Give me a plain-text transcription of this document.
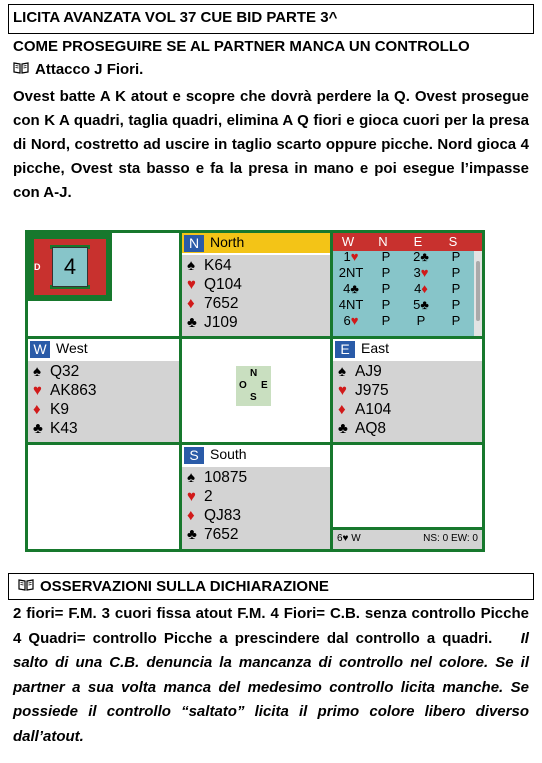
LICITA AVANZATA VOL 37 CUE BID PARTE 3^
COME PROSEGUIRE SE AL PARTNER MANCA UN CONTROLLO
Attacco J Fiori.
Ovest batte A K atout e scopre che dovrà perdere la Q. Ovest prosegue con K A quadri, taglia quadri, elimina A Q fiori e gioca cuori per la presa di Nord, costretto ad uscire in taglio scarto oppure picche. Nord gioca 4 picche, Ovest sta basso e fa la presa in mano e poi esegue l’impasse con A-J.
4
D
N North
♠ K64
♥ Q104
♦ 7652
♣ J109
W	N	E	S
1♥	P	2♣	P
2NT	P	3♥	P
4♣	P	4♦	P
4NT	P	5♣	P
6♥	P	P	P
W West
♠ Q32
♥ AK863
♦ K9
♣ K43
N
O E
S
E East
♠ AJ9
♥ J975
♦ A104
♣ AQ8
S South
♠ 10875
♥ 2
♦ QJ83
♣ 7652	6♥ W	NS: 0 EW: 0
OSSERVAZIONI SULLA DICHIARAZIONE
2 fiori= F.M. 3 cuori fissa atout F.M. 4 Fiori= C.B. senza controllo Picche 4 Quadri= controllo Picche a prescindere dal controllo a quadri. Il salto di una C.B. denuncia la mancanza di controllo nel colore. Se il partner a sua volta manca del medesimo controllo licita manche. Se possiede il controllo “saltato” licita il primo colore libero diverso dall’atout.
